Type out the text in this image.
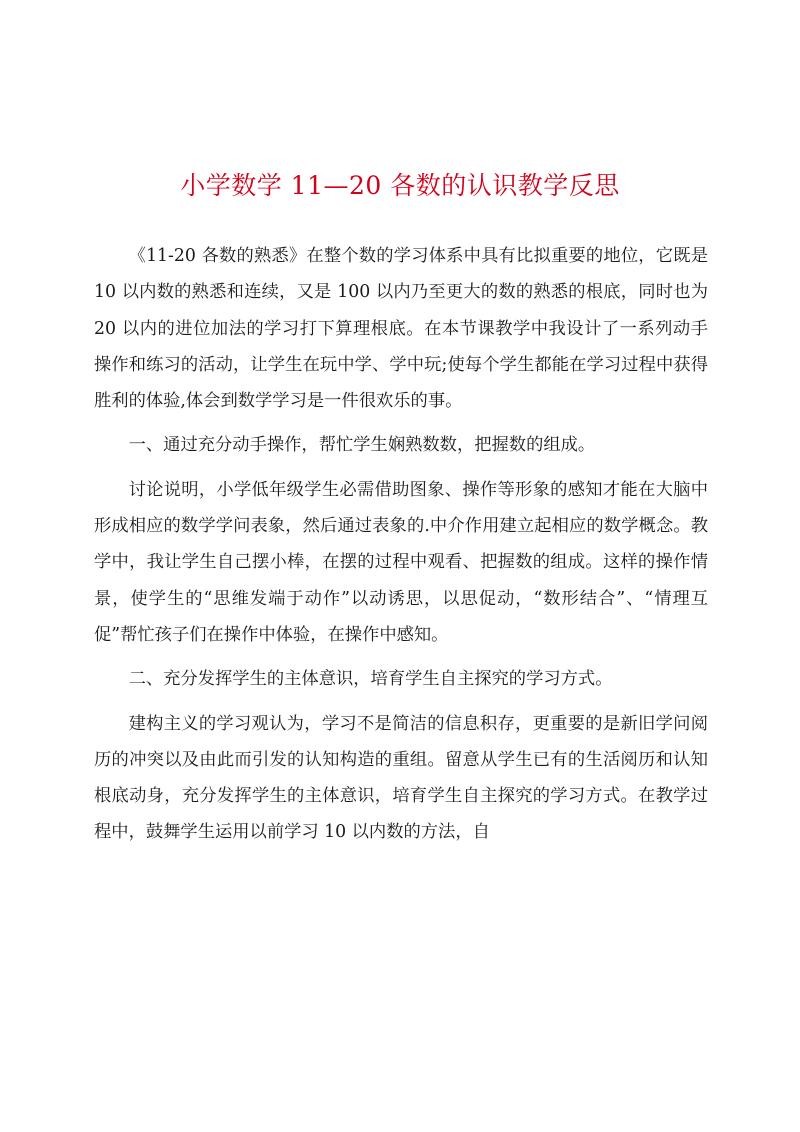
小学数学 11—20 各数的认识教学反思

《11-20 各数的熟悉》在整个数的学习体系中具有比拟重要的地位，它既是 10 以内数的熟悉和连续，又是 100 以内乃至更大的数的熟悉的根底，同时也为 20 以内的进位加法的学习打下算理根底。在本节课教学中我设计了一系列动手操作和练习的活动，让学生在玩中学、学中玩;使每个学生都能在学习过程中获得胜利的体验,体会到数学学习是一件很欢乐的事。

一、通过充分动手操作，帮忙学生娴熟数数，把握数的组成。

讨论说明，小学低年级学生必需借助图象、操作等形象的感知才能在大脑中形成相应的数学学问表象，然后通过表象的.中介作用建立起相应的数学概念。教学中，我让学生自己摆小棒，在摆的过程中观看、把握数的组成。这样的操作情景，使学生的“思维发端于动作”以动诱思，以思促动，“数形结合”、“情理互促”帮忙孩子们在操作中体验，在操作中感知。

二、充分发挥学生的主体意识，培育学生自主探究的学习方式。

建构主义的学习观认为，学习不是简洁的信息积存，更重要的是新旧学问阅历的冲突以及由此而引发的认知构造的重组。留意从学生已有的生活阅历和认知根底动身，充分发挥学生的主体意识，培育学生自主探究的学习方式。在教学过程中，鼓舞学生运用以前学习 10 以内数的方法，自
